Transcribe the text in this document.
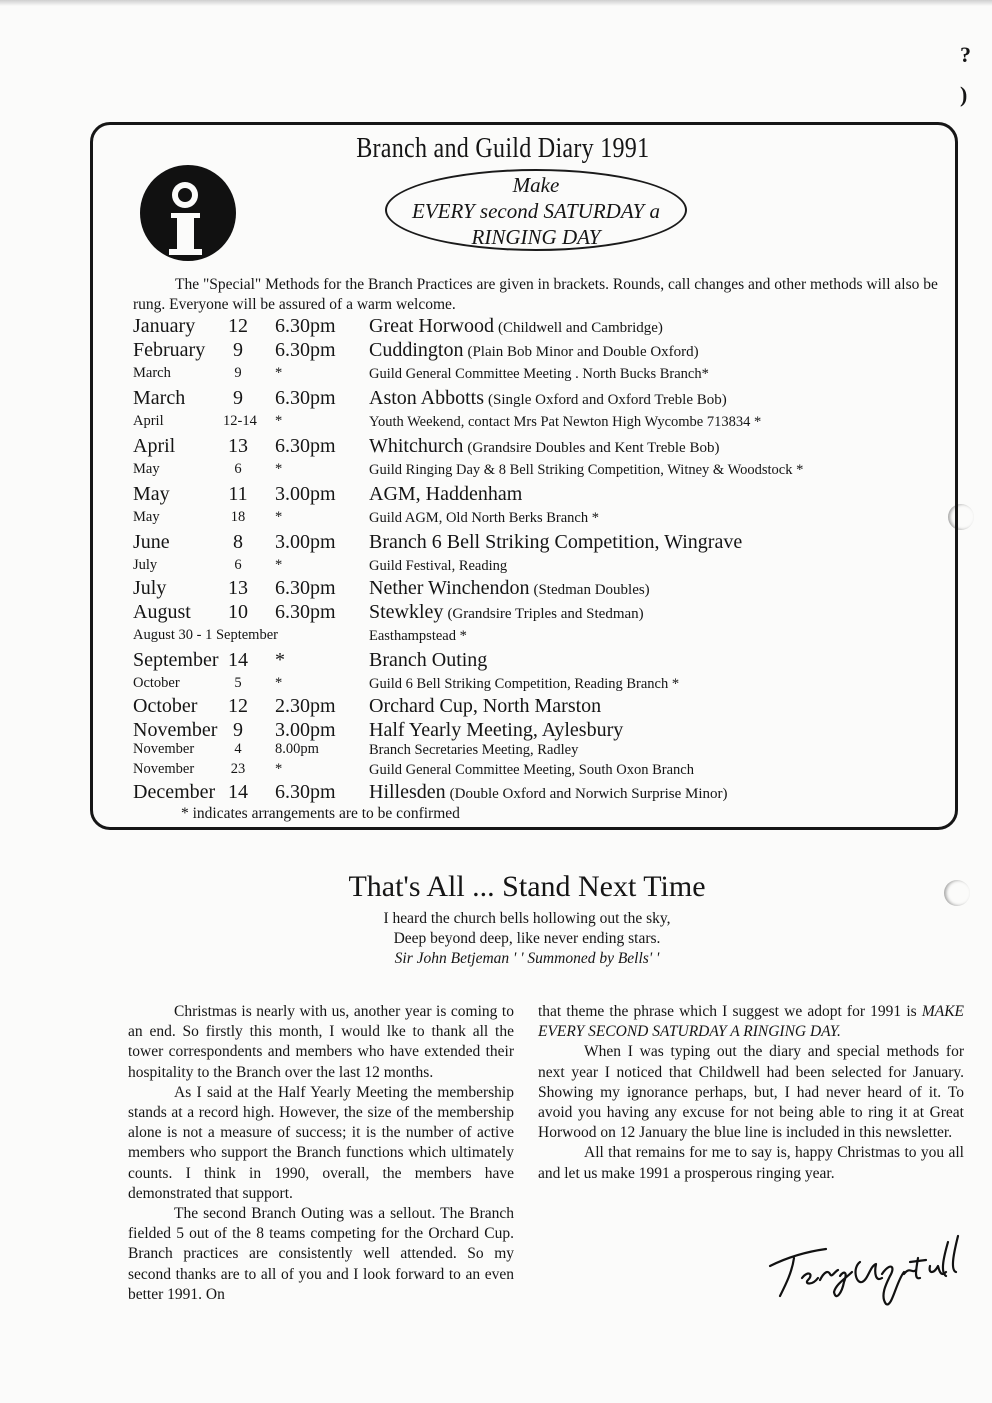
?
)
Branch and Guild Diary 1991
Make
EVERY second SATURDAY a
RINGING DAY
The "Special" Methods for the Branch Practices are given in brackets. Rounds, call changes and other methods will also be rung. Everyone will be assured of a warm welcome.
January 12 6.30pm Great Horwood (Childwell and Cambridge)
February	9	6.30pm Cuddington (Plain Bob Minor and Double Oxford)
March	9	*	Guild General Committee Meeting . North Bucks Branch*
March	9	6.30pm Aston Abbotts (Single Oxford and Oxford Treble Bob)
April	12-14 *	Youth Weekend, contact Mrs Pat Newton High Wycombe 713834 *
April	13 6.30pm Whitchurch (Grandsire Doubles and Kent Treble Bob)
May	6	*	Guild Ringing Day & 8 Bell Striking Competition, Witney & Woodstock *
May	11 3.00pm AGM, Haddenham
May	18	*	Guild AGM, Old North Berks Branch *
June	8	3.00pm Branch 6 Bell Striking Competition, Wingrave
July	6	*	Guild Festival, Reading
July	13 6.30pm Nether Winchendon (Stedman Doubles)
August 10 6.30pm Stewkley (Grandsire Triples and Stedman)
August 30 - 1 September	Easthampstead *
September 14 *	Branch Outing
October	5	*	Guild 6 Bell Striking Competition, Reading Branch *
October 12 2.30pm Orchard Cup, North Marston
November 9	3.00pm Half Yearly Meeting, Aylesbury
November	4	8.00pm	Branch Secretaries Meeting, Radley
November	23	*	Guild General Committee Meeting, South Oxon Branch
December 14 6.30pm Hillesden (Double Oxford and Norwich Surprise Minor)
* indicates arrangements are to be confirmed
That's All ... Stand Next Time
I heard the church bells hollowing out the sky,
Deep beyond deep, like never ending stars.
Sir John Betjeman ' ' Summoned by Bells' '

Christmas is nearly with us, another year is coming to an end. So firstly this month, I would lke to thank all the tower correspondents and members who have extended their hospitality to the Branch over the last 12 months.

As I said at the Half Yearly Meeting the membership stands at a record high. However, the size of the membership alone is not a measure of success; it is the number of active members who support the Branch functions which ultimately counts. I think in 1990, overall, the members have demonstrated that support.

The second Branch Outing was a sellout. The Branch fielded 5 out of the 8 teams competing for the Orchard Cup. Branch practices are consistently well attended. So my second thanks are to all of you and I look forward to an even better 1991. On

that theme the phrase which I suggest we adopt for 1991 is MAKE EVERY SECOND SATURDAY A RINGING DAY.

When I was typing out the diary and special methods for next year I noticed that Childwell had been selected for January. Showing my ignorance perhaps, but, I had never heard of it. To avoid you having any excuse for not being able to ring it at Great Horwood on 12 January the blue line is included in this newsletter.

All that remains for me to say is, happy Christmas to you all and let us make 1991 a prosperous ringing year.
